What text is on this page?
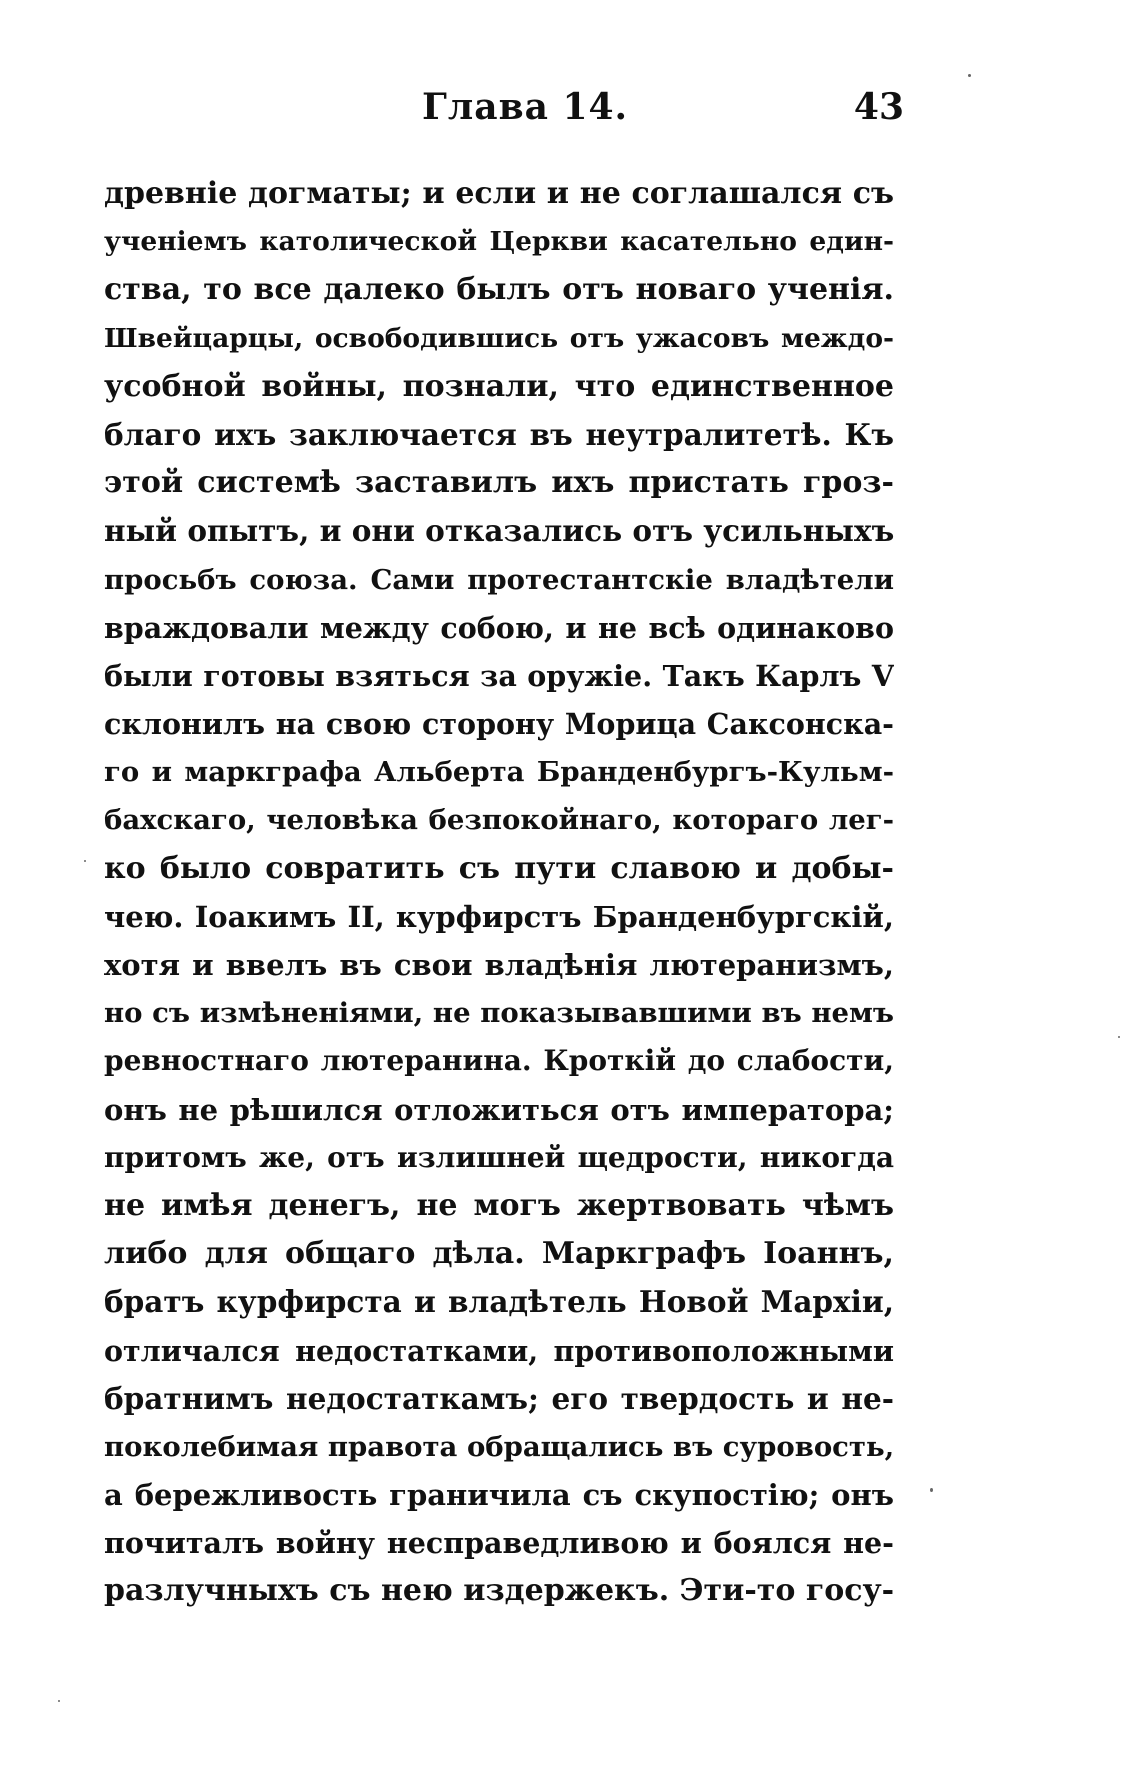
Глава 14.	43
древніе догматы; и если и не соглашался съ
ученіемъ католической Церкви касательно един-
ства, то все далеко былъ отъ новаго ученія.
Швейцарцы, освободившись отъ ужасовъ междо-
усобной войны, познали, что единственное
благо ихъ заключается въ неутралитетѣ. Къ
этой системѣ заставилъ ихъ пристать гроз-
ный опытъ, и они отказались отъ усильныхъ
просьбъ союза. Сами протестантскіе владѣтели
враждовали между собою, и не всѣ одинаково
были готовы взяться за оружіе. Такъ Карлъ V
склонилъ на свою сторону Морица Саксонска-
го и маркграфа Альберта Бранденбургъ-Кульм-
бахскаго, человѣка безпокойнаго, котораго лег-
ко было совратить съ пути славою и добы-
чею. Іоакимъ II, курфирстъ Бранденбургскій,
хотя и ввелъ въ свои владѣнія лютеранизмъ,
но съ измѣненіями, не показывавшими въ немъ
ревностнаго лютеранина. Кроткій до слабости,
онъ не рѣшился отложиться отъ императора;
притомъ же, отъ излишней щедрости, никогда
не имѣя денегъ, не могъ жертвовать чѣмъ
либо для общаго дѣла. Маркграфъ Іоаннъ,
братъ курфирста и владѣтель Новой Мархіи,
отличался недостатками, противоположными
братнимъ недостаткамъ; его твердость и не-
поколебимая правота обращались въ суровость,
а бережливость граничила съ скупостію; онъ
почиталъ войну несправедливою и боялся не-
разлучныхъ съ нею издержекъ. Эти-то госу-
